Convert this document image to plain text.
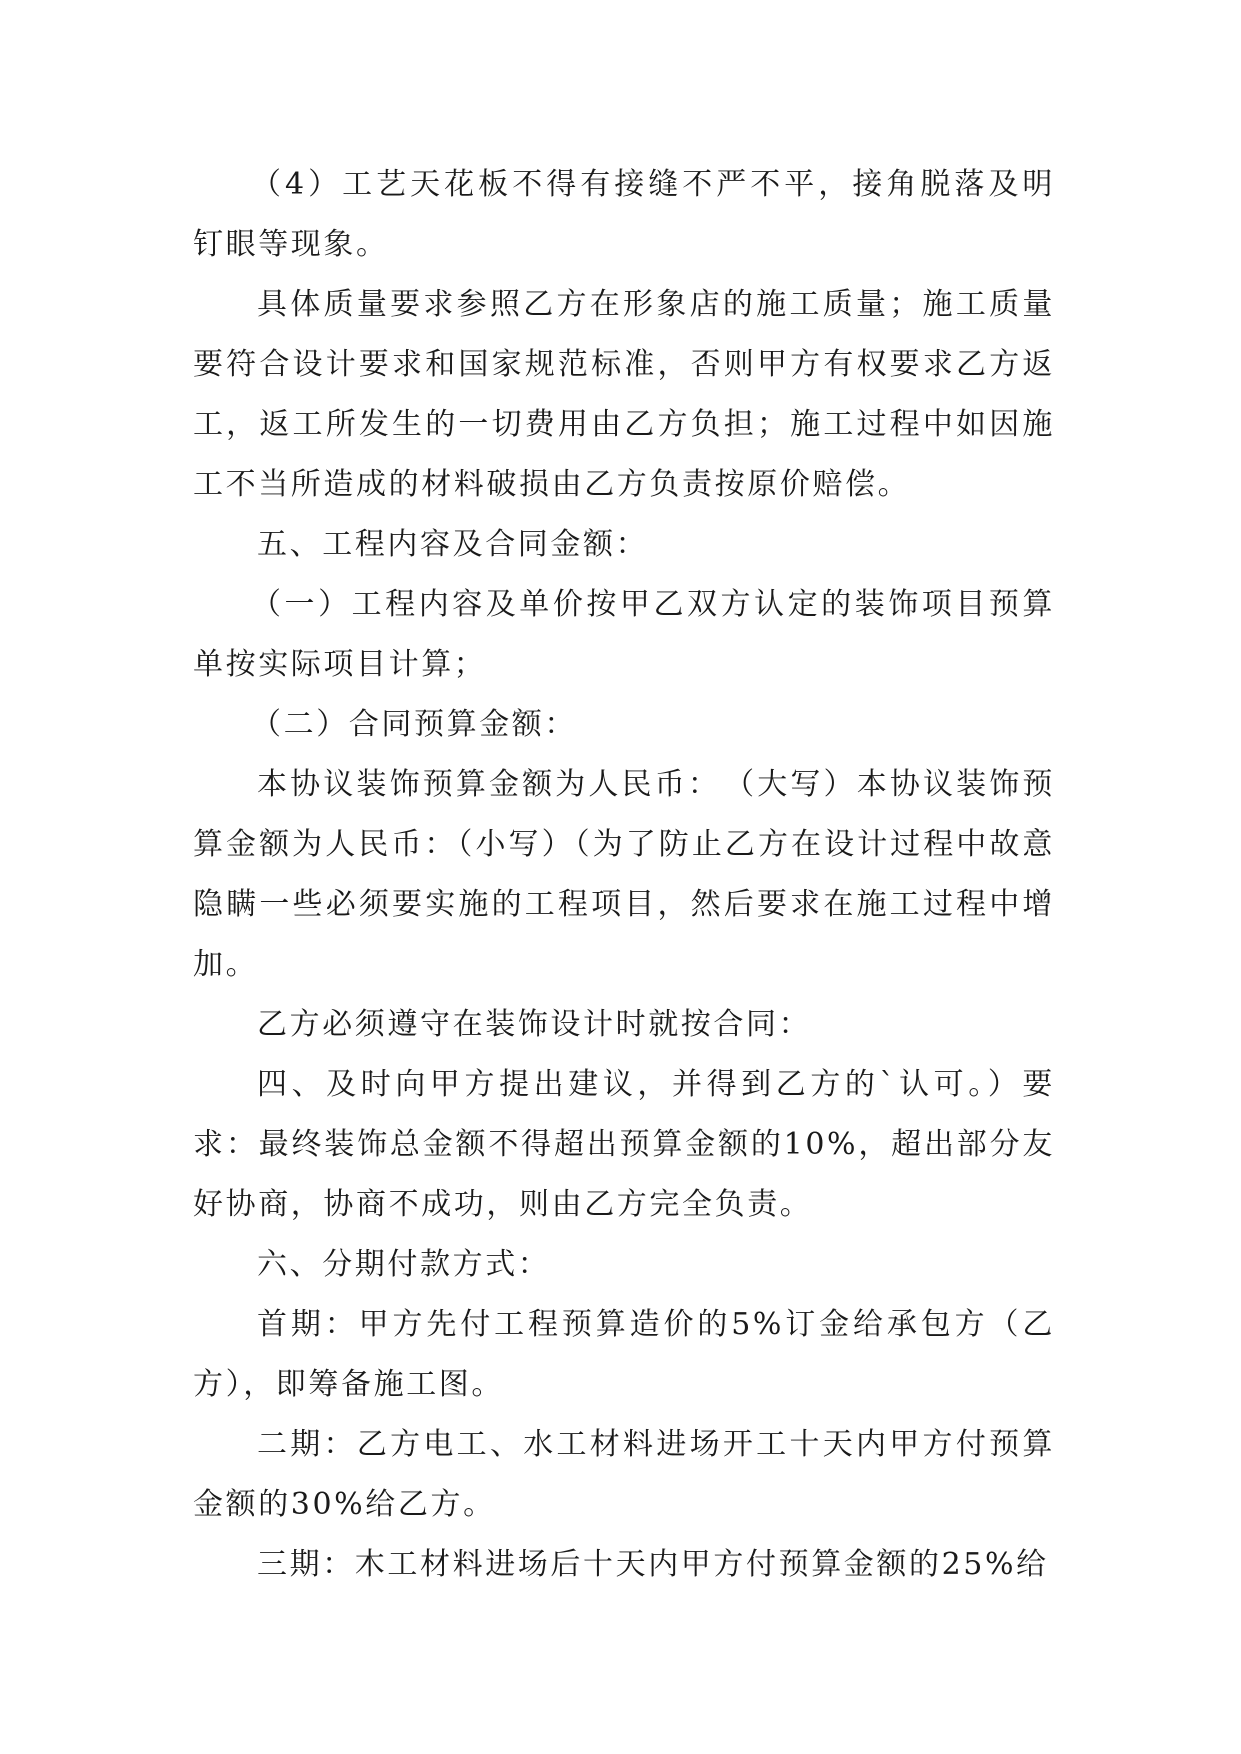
（4）工艺天花板不得有接缝不严不平，接角脱落及明钉眼等现象。

具体质量要求参照乙方在形象店的施工质量；施工质量要符合设计要求和国家规范标准，否则甲方有权要求乙方返工，返工所发生的一切费用由乙方负担；施工过程中如因施工不当所造成的材料破损由乙方负责按原价赔偿。

五、工程内容及合同金额：

（一）工程内容及单价按甲乙双方认定的装饰项目预算单按实际项目计算；

（二）合同预算金额：

本协议装饰预算金额为人民币：　（大写）本协议装饰预算金额为人民币：（小写）（为了防止乙方在设计过程中故意隐瞒一些必须要实施的工程项目，然后要求在施工过程中增加。

乙方必须遵守在装饰设计时就按合同：

四、及时向甲方提出建议，并得到乙方的`认可。）要求：最终装饰总金额不得超出预算金额的10%，超出部分友好协商，协商不成功，则由乙方完全负责。

六、分期付款方式：

首期：甲方先付工程预算造价的5%订金给承包方（乙方），即筹备施工图。

二期：乙方电工、水工材料进场开工十天内甲方付预算金额的30%给乙方。

三期：木工材料进场后十天内甲方付预算金额的25%给
